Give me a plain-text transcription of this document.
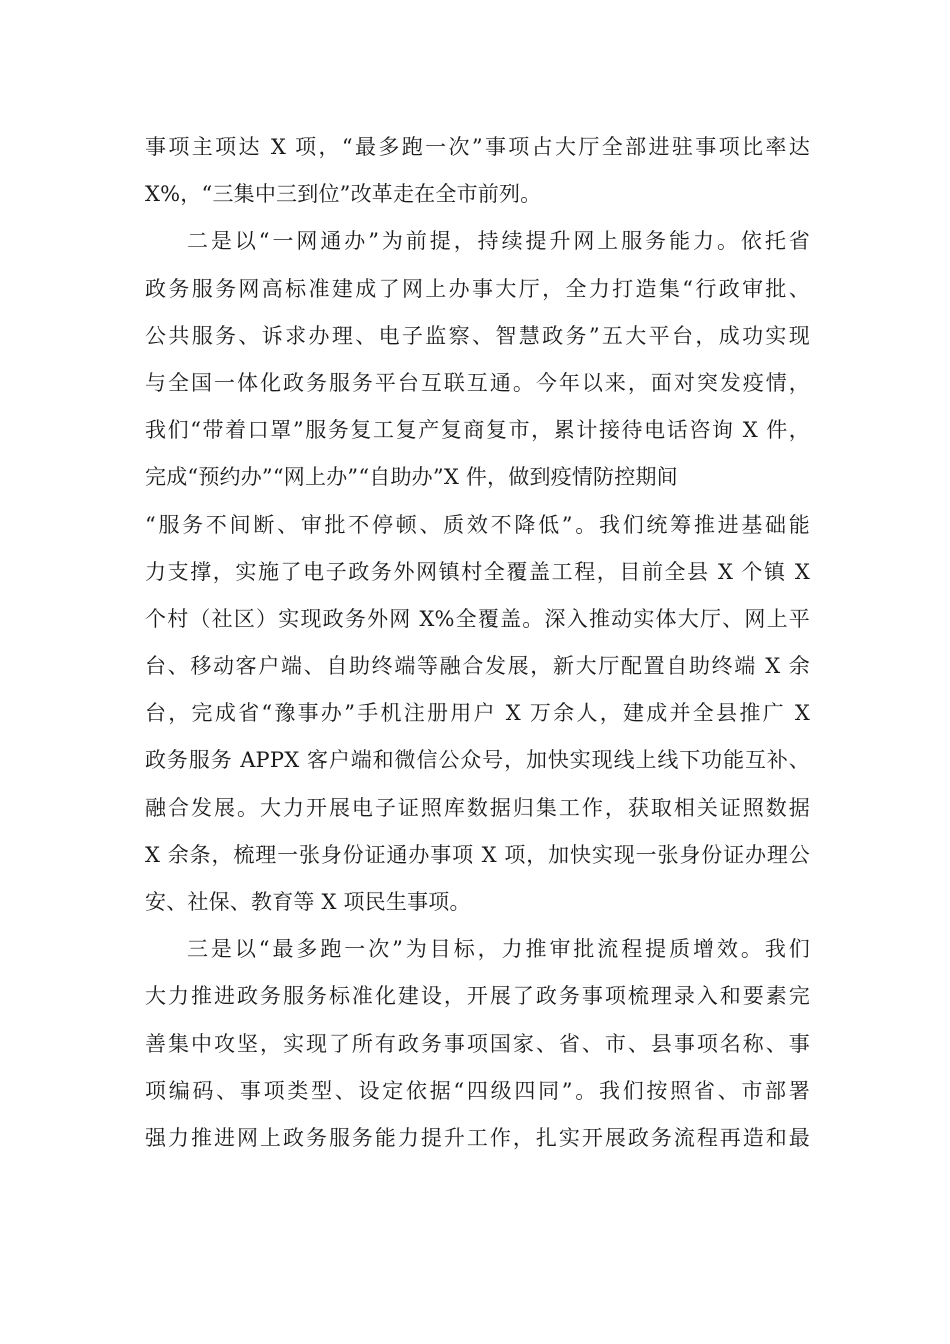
事项主项达 X 项，“最多跑一次”事项占大厅全部进驻事项比率达
X%，“三集中三到位”改革走在全市前列。
二是以“一网通办”为前提，持续提升网上服务能力。依托省
政务服务网高标准建成了网上办事大厅，全力打造集“行政审批、
公共服务、诉求办理、电子监察、智慧政务”五大平台，成功实现
与全国一体化政务服务平台互联互通。今年以来，面对突发疫情，
我们“带着口罩”服务复工复产复商复市，累计接待电话咨询 X 件，
完成“预约办”“网上办”“自助办”X 件，做到疫情防控期间
“服务不间断、审批不停顿、质效不降低”。我们统筹推进基础能
力支撑，实施了电子政务外网镇村全覆盖工程，目前全县 X 个镇 X
个村（社区）实现政务外网 X%全覆盖。深入推动实体大厅、网上平
台、移动客户端、自助终端等融合发展，新大厅配置自助终端 X 余
台，完成省“豫事办”手机注册用户 X 万余人，建成并全县推广 X
政务服务 APPX 客户端和微信公众号，加快实现线上线下功能互补、
融合发展。大力开展电子证照库数据归集工作，获取相关证照数据
X 余条，梳理一张身份证通办事项 X 项，加快实现一张身份证办理公
安、社保、教育等 X 项民生事项。
三是以“最多跑一次”为目标，力推审批流程提质增效。我们
大力推进政务服务标准化建设，开展了政务事项梳理录入和要素完
善集中攻坚，实现了所有政务事项国家、省、市、县事项名称、事
项编码、事项类型、设定依据“四级四同”。我们按照省、市部署
强力推进网上政务服务能力提升工作，扎实开展政务流程再造和最
